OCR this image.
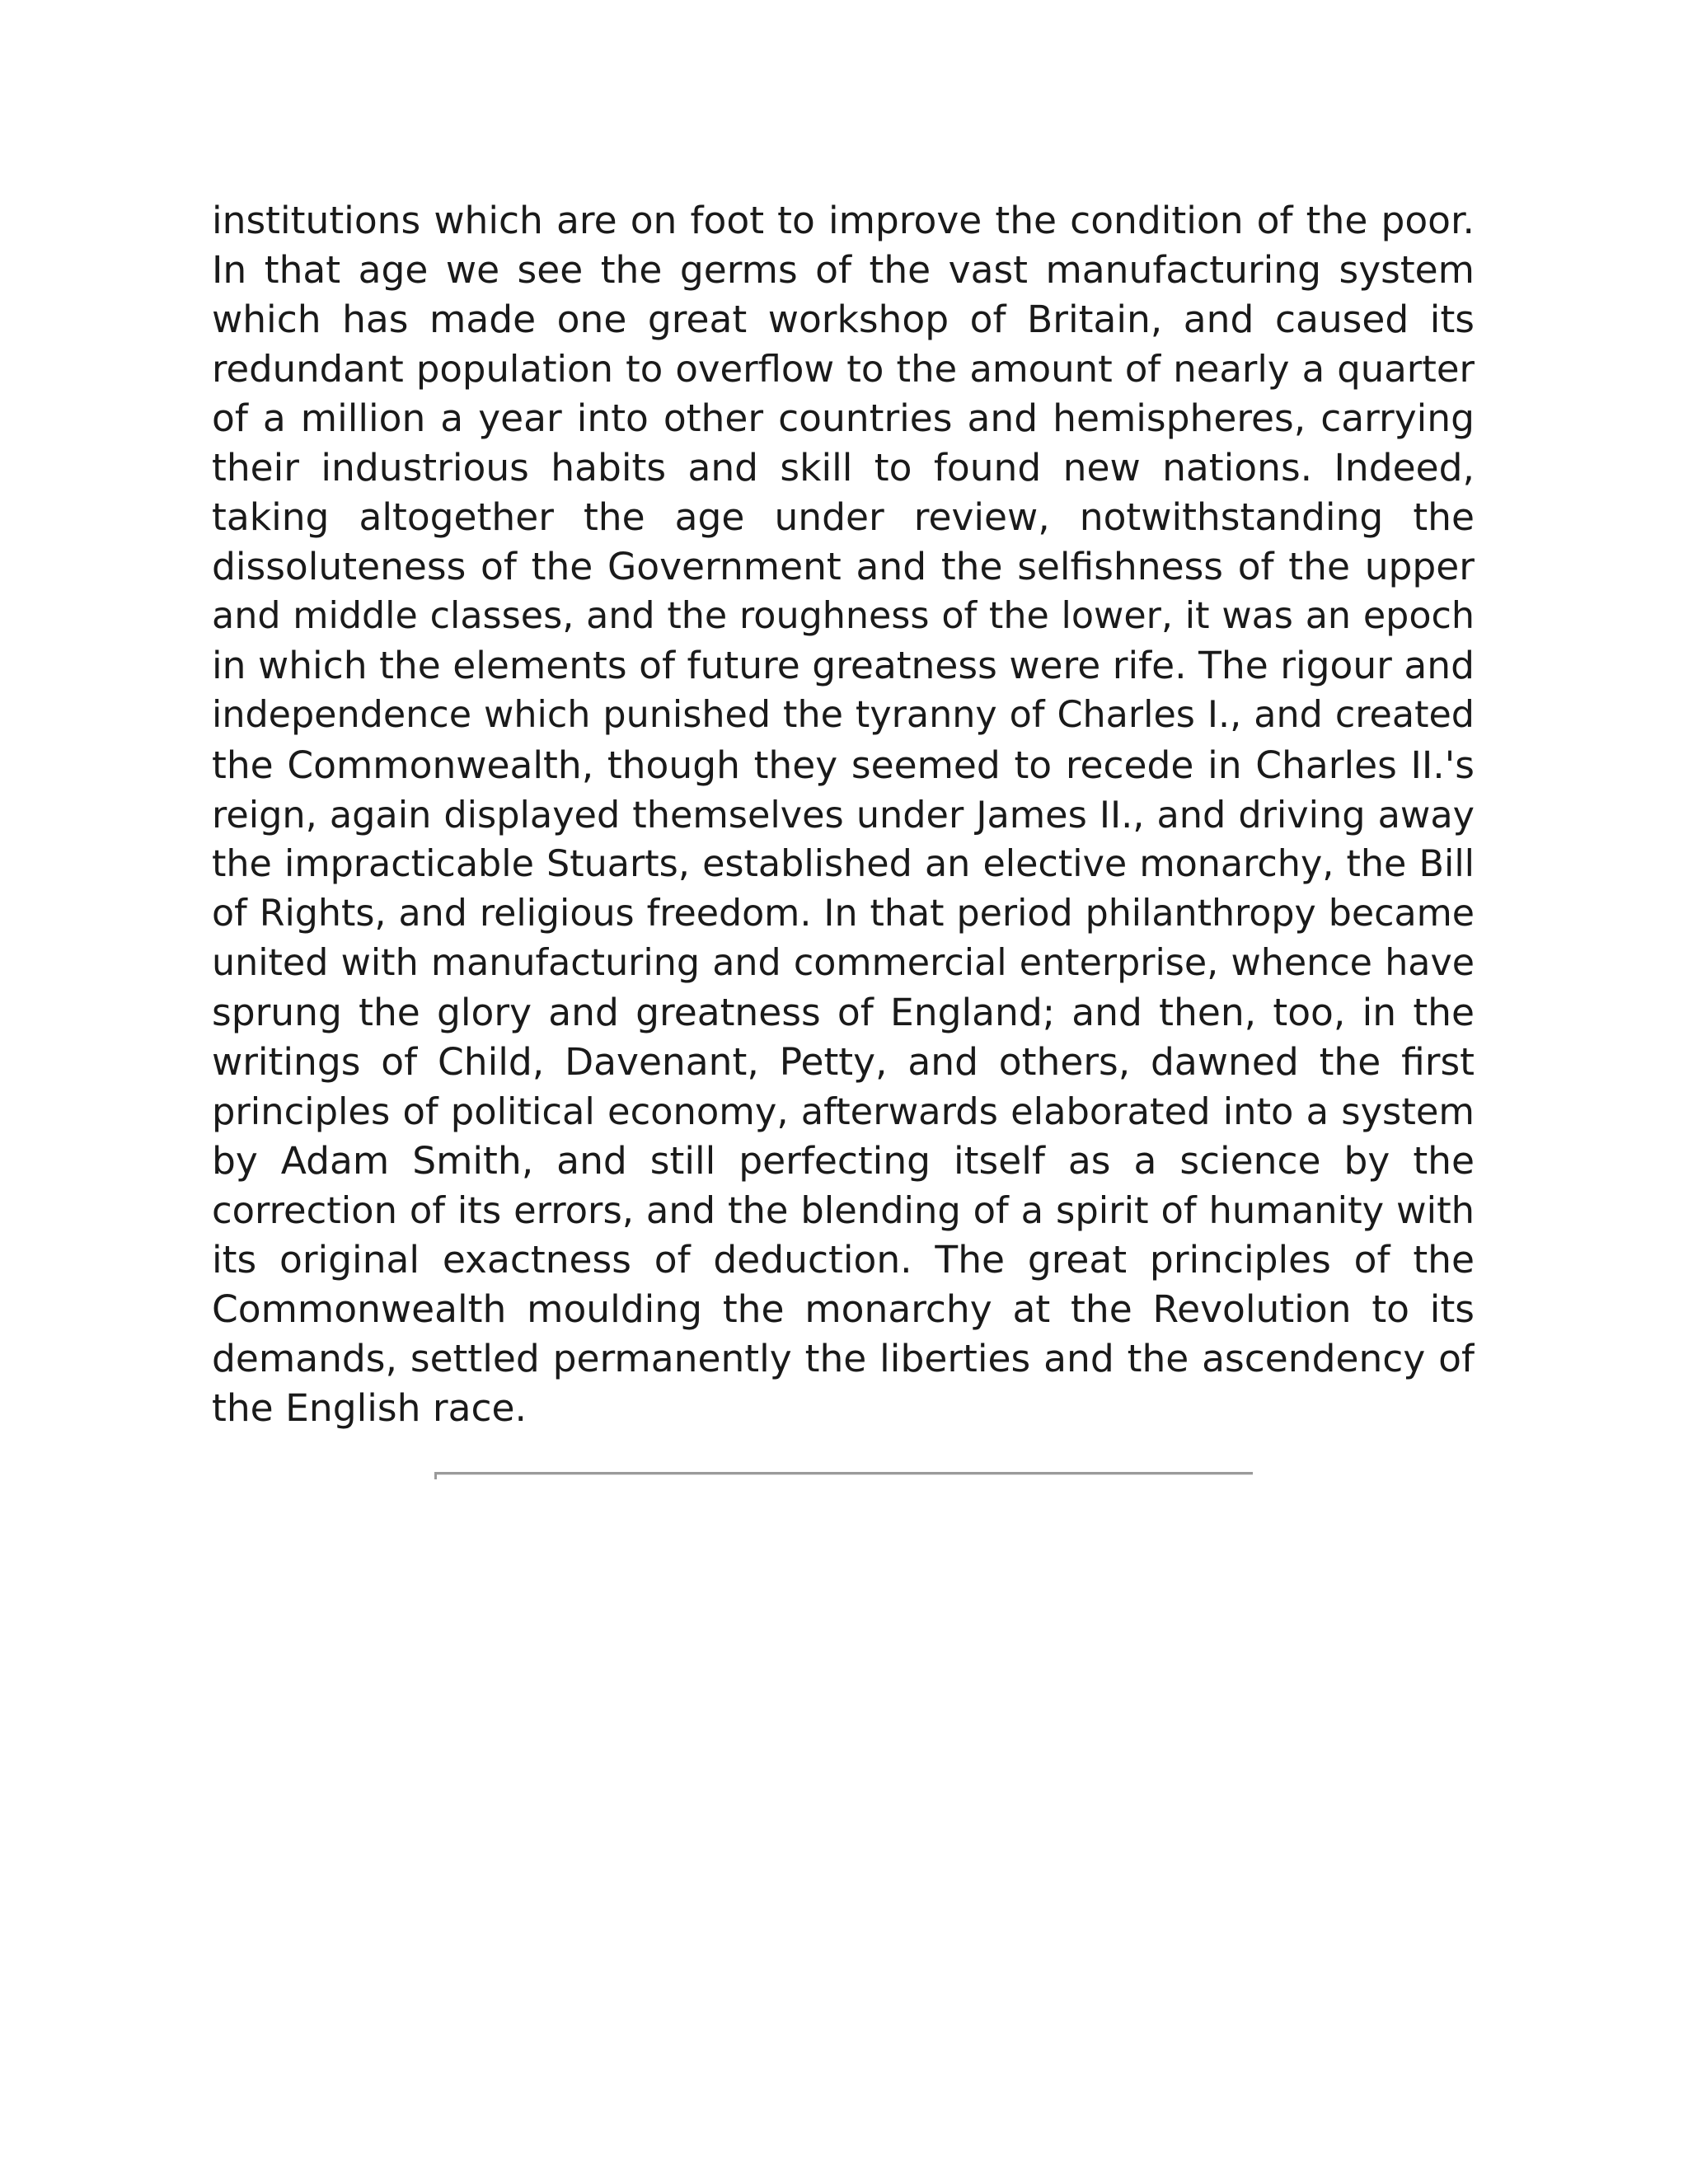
institutions which are on foot to improve the condition of the poor.
In that age we see the germs of the vast manufacturing system
which has made one great workshop of Britain, and caused its
redundant population to overflow to the amount of nearly a quarter
of a million a year into other countries and hemispheres, carrying
their industrious habits and skill to found new nations. Indeed,
taking altogether the age under review, notwithstanding the
dissoluteness of the Government and the selfishness of the upper
and middle classes, and the roughness of the lower, it was an epoch
in which the elements of future greatness were rife. The rigour and
independence which punished the tyranny of Charles I., and created
the Commonwealth, though they seemed to recede in Charles II.'s
reign, again displayed themselves under James II., and driving away
the impracticable Stuarts, established an elective monarchy, the Bill
of Rights, and religious freedom. In that period philanthropy became
united with manufacturing and commercial enterprise, whence have
sprung the glory and greatness of England; and then, too, in the
writings of Child, Davenant, Petty, and others, dawned the first
principles of political economy, afterwards elaborated into a system
by Adam Smith, and still perfecting itself as a science by the
correction of its errors, and the blending of a spirit of humanity with
its original exactness of deduction. The great principles of the
Commonwealth moulding the monarchy at the Revolution to its
demands, settled permanently the liberties and the ascendency of
the English race.
